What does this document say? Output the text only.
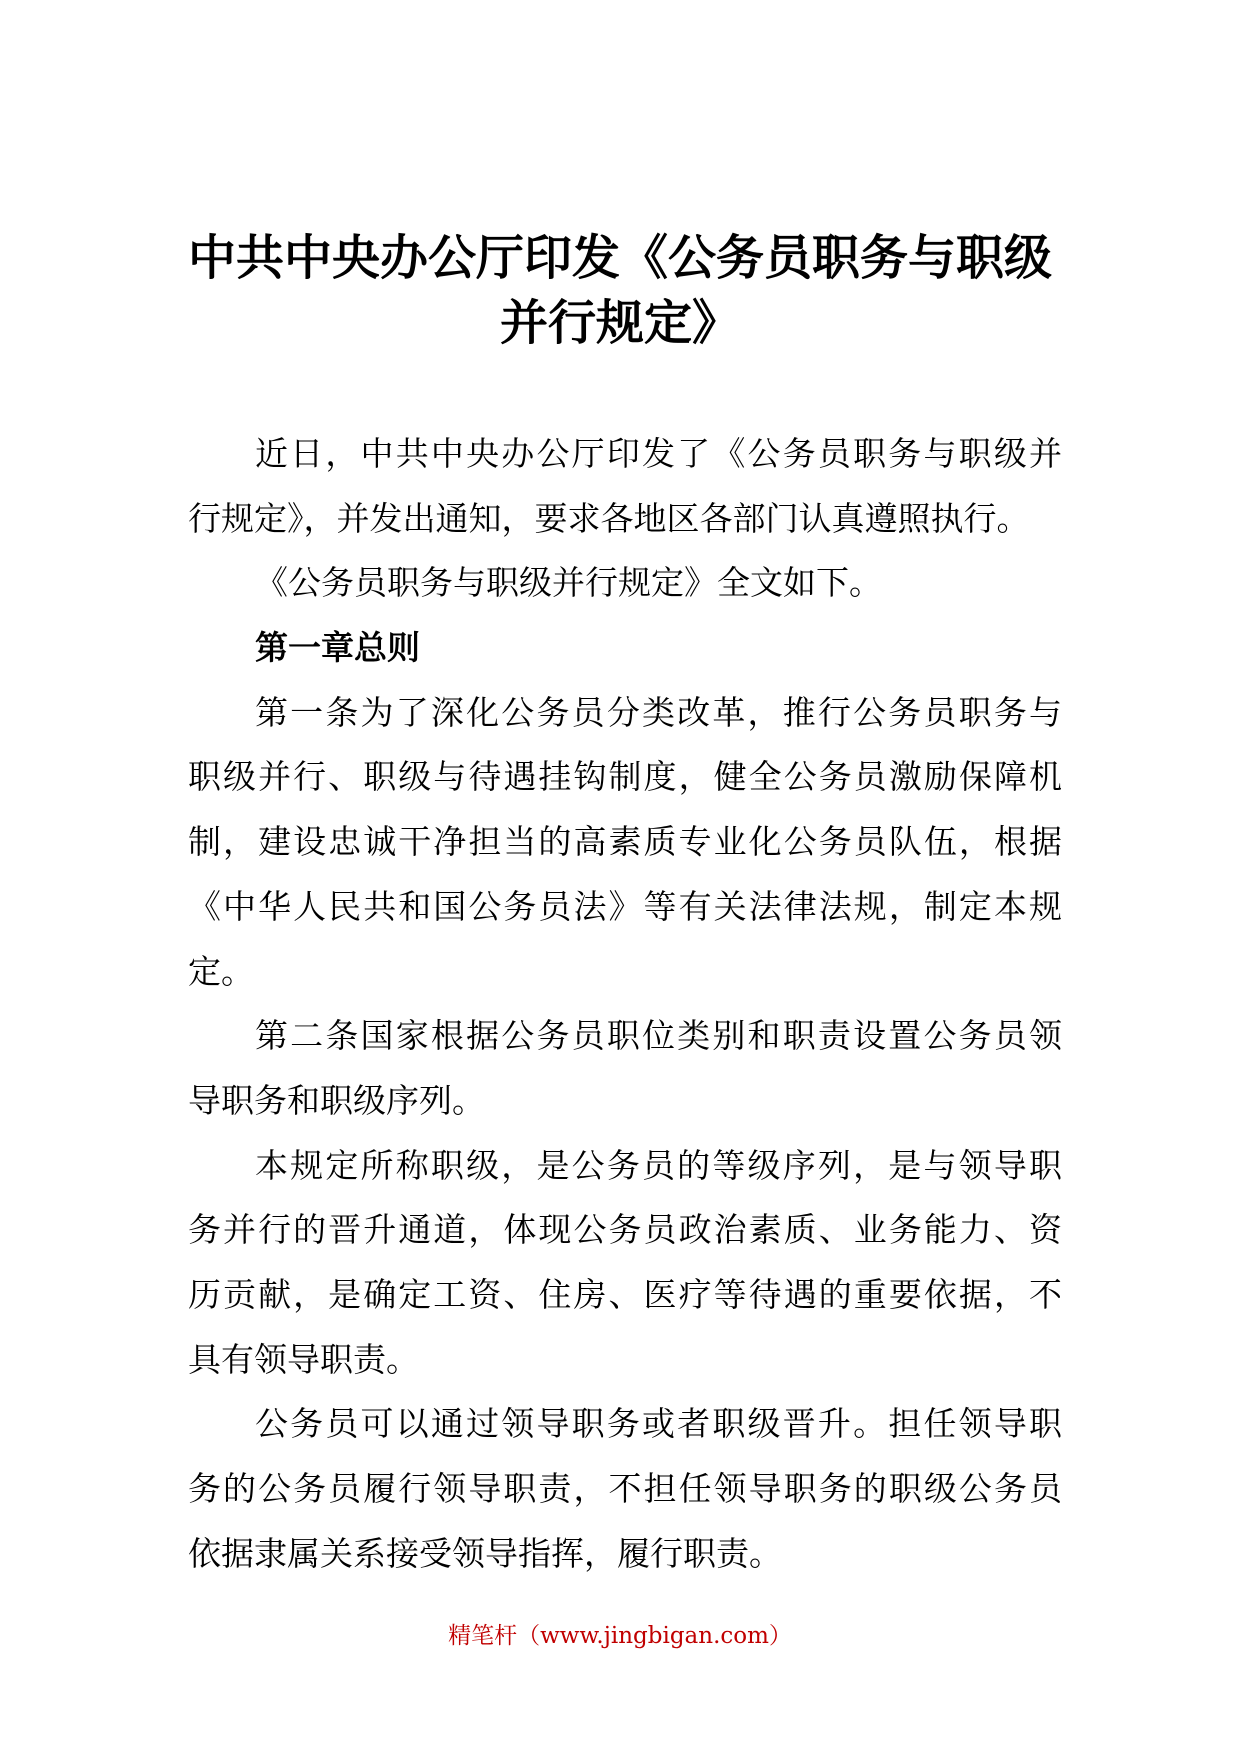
中共中央办公厅印发《公务员职务与职级
并行规定》
近日，中共中央办公厅印发了《公务员职务与职级并
行规定》，并发出通知，要求各地区各部门认真遵照执行。
《公务员职务与职级并行规定》全文如下。
第一章总则
第一条为了深化公务员分类改革，推行公务员职务与
职级并行、职级与待遇挂钩制度，健全公务员激励保障机
制，建设忠诚干净担当的高素质专业化公务员队伍，根据
《中华人民共和国公务员法》等有关法律法规，制定本规
定。
第二条国家根据公务员职位类别和职责设置公务员领
导职务和职级序列。
本规定所称职级，是公务员的等级序列，是与领导职
务并行的晋升通道，体现公务员政治素质、业务能力、资
历贡献，是确定工资、住房、医疗等待遇的重要依据，不
具有领导职责。
公务员可以通过领导职务或者职级晋升。担任领导职
务的公务员履行领导职责，不担任领导职务的职级公务员
依据隶属关系接受领导指挥，履行职责。
精笔杆（www.jingbigan.com）
